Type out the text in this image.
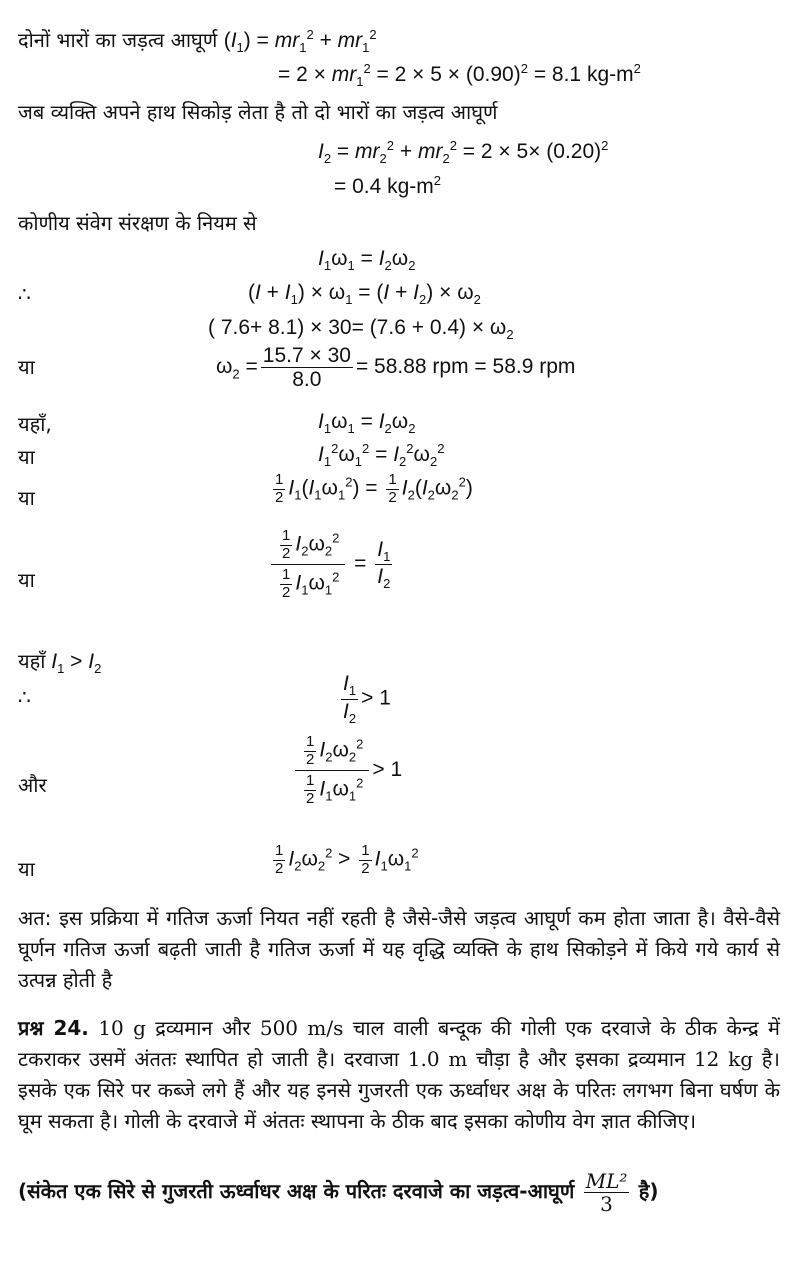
दोनों भारों का जड़त्व आघूर्ण $(I_1) = mr_1^2 + mr_1^2$
= $2 \times mr_1^2 = 2 \times 5 \times (0.90)^2 = 8.1$ $kg-m^2$
जब व्यक्ति अपने हाथ सिकोड़ लेता है तो दो भारों का जड़त्व आघूर्ण
$I_2 = mr_2^2 + mr_2^2 = 2 \times 5\times (0.20)^2$
= 0.4 $kg-m^2$
कोणीय संवेग संरक्षण के नियम से
$I_1\omega_1 = I_2\omega_2$
∴	$(I + I_1) \times \omega_1 = (I + I_2) \times \omega_2$
( $7.6+ 8.1) \times 30= (7.6 + 0.4) \times \omega_2$
या	$\omega_2 = \frac{15.7 \times 30}{8.0} = 58.88$ rpm = 58.9 rpm
यहाँ,	$I_1\omega_1 = I_2\omega_2$
या	$I_1^2\omega_1^2 = I_2^2\omega_2^2$
या	$\frac{1}{2} I_1(I_1\omega_1^2) = \frac{1}{2} I_2(I_2\omega_2^2)$
या	$\frac{\frac{1}{2} I_2\omega_2^2}{\frac{1}{2} I_1\omega_1^2} = \frac{I_1}{I_2}$
यहाँ $I_1 > I_2$
∴	$\frac{I_1}{I_2} > 1$
और	$\frac{\frac{1}{2} I_2\omega_2^2}{\frac{1}{2} I_1\omega_1^2} > 1$
या	$\frac{1}{2} I_2\omega_2^2 > \frac{1}{2} I_1\omega_1^2$
अत: इस प्रक्रिया में गतिज ऊर्जा नियत नहीं रहती है जैसे-जैसे जड़त्व आघूर्ण कम होता जाता है। वैसे-वैसे घूर्णन गतिज ऊर्जा बढ़ती जाती है गतिज ऊर्जा में यह वृद्धि व्यक्ति के हाथ सिकोड़ने में किये गये कार्य से उत्पन्न होती है
प्रश्न 24. 10 g द्रव्यमान और 500 m/s चाल वाली बन्दूक की गोली एक दरवाजे के ठीक केन्द्र में टकराकर उसमें अंततः स्थापित हो जाती है। दरवाजा 1.0 m चौड़ा है और इसका द्रव्यमान 12 kg है। इसके एक सिरे पर कब्जे लगे हैं और यह इनसे गुजरती एक ऊर्ध्वाधर अक्ष के परितः लगभग बिना घर्षण के घूम सकता है। गोली के दरवाजे में अंततः स्थापना के ठीक बाद इसका कोणीय वेग ज्ञात कीजिए।
(संकेत एक सिरे से गुजरती ऊर्ध्वाधर अक्ष के परितः दरवाजे का जड़त्व-आघूर्ण $\frac{\text{ML²}}{3}$ है)
